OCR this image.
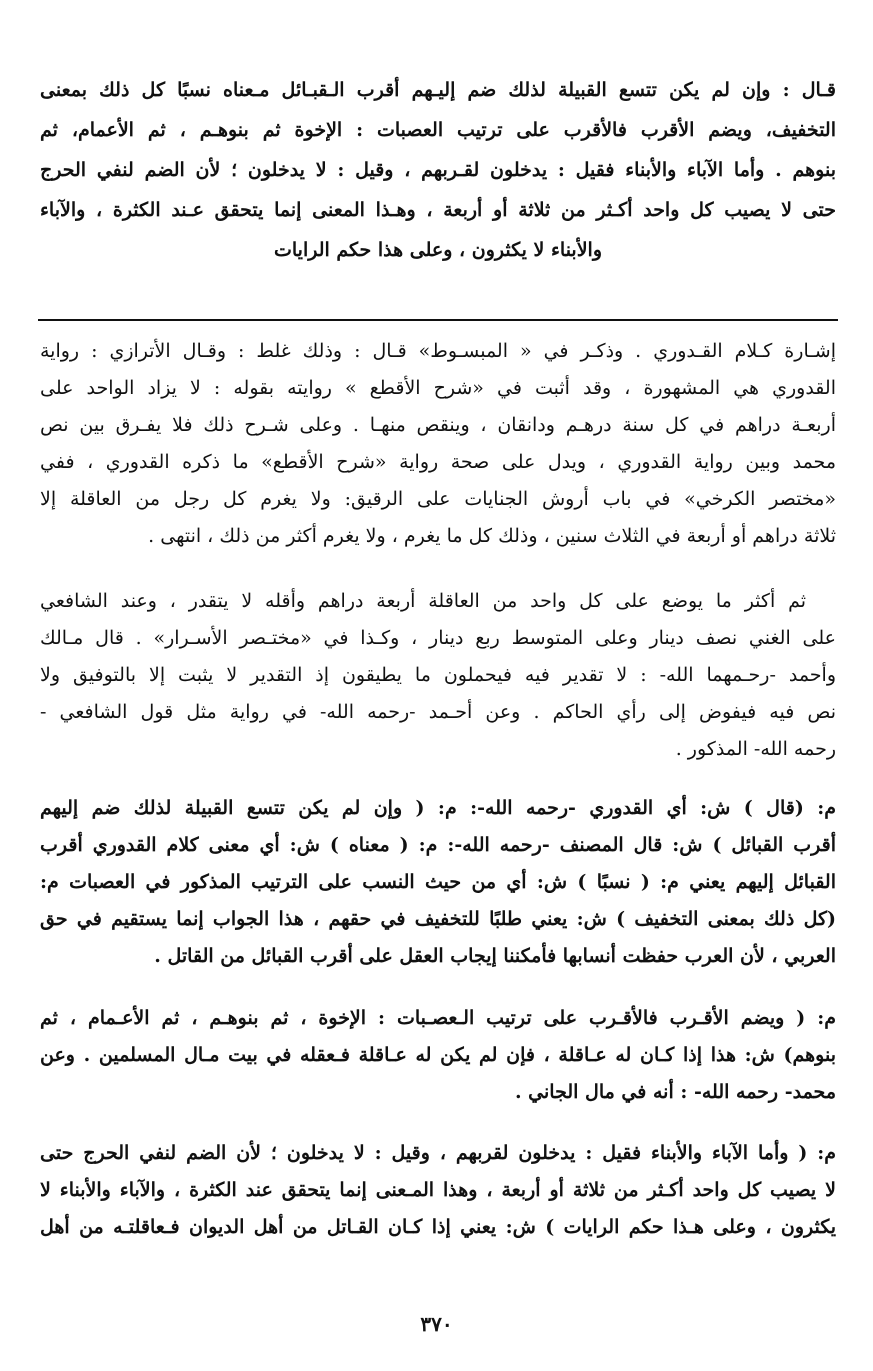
قـال : وإن لم يكن تتسع القبيلة لذلك ضم إليـهم أقرب الـقبـائل مـعناه نسبًا كل ذلك بمعنى
التخفيف، ويضم الأقرب فالأقرب على ترتيب العصبات : الإخوة ثم بنوهـم ، ثم الأعمام، ثم
بنوهم . وأما الآباء والأبناء فقيل : يدخلون لقـربهم ، وقيل : لا يدخلون ؛ لأن الضم لنفي الحرج
حتى لا يصيب كل واحد أكـثر من ثلاثة أو أربعة ، وهـذا المعنى إنما يتحقق عـند الكثرة ، والآباء
والأبناء لا يكثرون ، وعلى هذا حكم الرايات
إشـارة كـلام القـدوري . وذكـر في « المبسـوط» قـال : وذلك غلط : وقـال الأترازي : رواية
القدوري هي المشهورة ، وقد أثبت في «شرح الأقطع » روايته بقوله : لا يزاد الواحد على
أربعـة دراهم في كل سنة درهـم ودانقان ، وينقص منهـا . وعلى شـرح ذلك فلا يفـرق بين نص
محمد وبين رواية القدوري ، ويدل على صحة رواية «شرح الأقطع» ما ذكره القدوري ، ففي
«مختصر الكرخي» في باب أروش الجنايات على الرقيق: ولا يغرم كل رجل من العاقلة إلا
ثلاثة دراهم أو أربعة في الثلاث سنين ، وذلك كل ما يغرم ، ولا يغرم أكثر من ذلك ، انتهى .
ثم أكثر ما يوضع على كل واحد من العاقلة أربعة دراهم وأقله لا يتقدر ، وعند الشافعي
على الغني نصف دينار وعلى المتوسط ربع دينار ، وكـذا في «مختـصر الأسـرار» . قال مـالك
وأحمد -رحـمهما الله- : لا تقدير فيه فيحملون ما يطيقون إذ التقدير لا يثبت إلا بالتوفيق ولا
نص فيه فيفوض إلى رأي الحاكم . وعن أحـمد -رحمه الله- في رواية مثل قول الشافعي -
رحمه الله- المذكور .
م: (قال ) ش: أي القدوري -رحمه الله-: م: ( وإن لم يكن تتسع القبيلة لذلك ضم إليهم
أقرب القبائل ) ش: قال المصنف -رحمه الله-: م: ( معناه ) ش: أي معنى كلام القدوري أقرب
القبائل إليهم يعني م: ( نسبًا ) ش: أي من حيث النسب على الترتيب المذكور في العصبات م:
(كل ذلك بمعنى التخفيف ) ش: يعني طلبًا للتخفيف في حقهم ، هذا الجواب إنما يستقيم في حق
العربي ، لأن العرب حفظت أنسابها فأمكننا إيجاب العقل على أقرب القبائل من القاتل .
م: ( ويضم الأقـرب فالأقـرب على ترتيب الـعصـبات : الإخوة ، ثم بنوهـم ، ثم الأعـمام ، ثم
بنوهم) ش: هذا إذا كـان له عـاقلة ، فإن لم يكن له عـاقلة فـعقله في بيت مـال المسلمين . وعن
محمد- رحمه الله- : أنه في مال الجاني .
م: ( وأما الآباء والأبناء فقيل : يدخلون لقربهم ، وقيل : لا يدخلون ؛ لأن الضم لنفي الحرج حتى
لا يصيب كل واحد أكـثر من ثلاثة أو أربعة ، وهذا المـعنى إنما يتحقق عند الكثرة ، والآباء والأبناء لا
يكثرون ، وعلى هـذا حكم الرايات ) ش: يعني إذا كـان القـاتل من أهل الديوان فـعاقلتـه من أهل
٣٧٠
